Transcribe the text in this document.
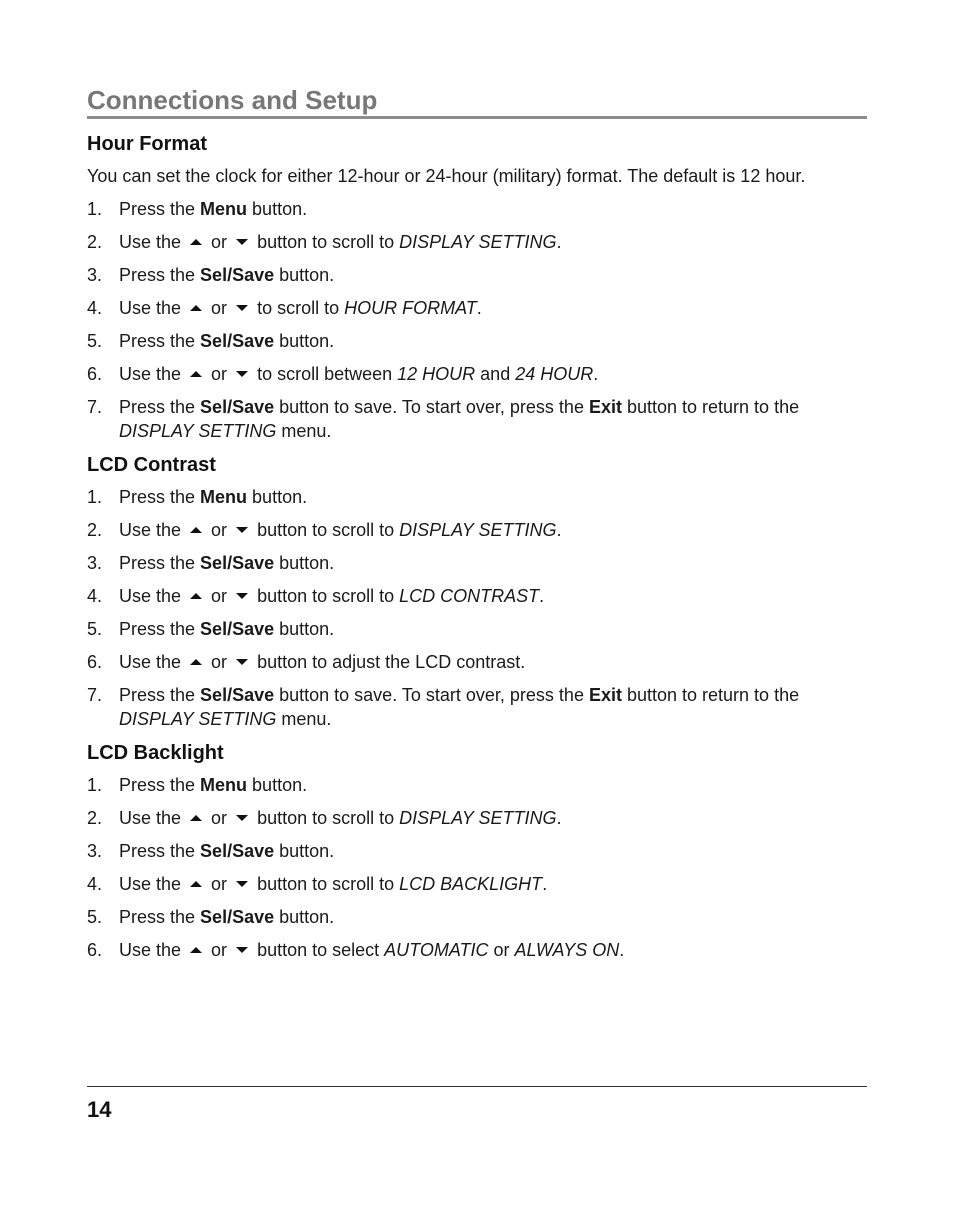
Connections and Setup
Hour Format

You can set the clock for either 12-hour or 24-hour (military) format. The default is 12 hour.

1. Press the Menu button.
2. Use the or button to scroll to DISPLAY SETTING.
3. Press the Sel/Save button.
4. Use the or to scroll to HOUR FORMAT.
5. Press the Sel/Save button.
6. Use the or to scroll between 12 HOUR and 24 HOUR.
7. Press the Sel/Save button to save. To start over, press the Exit button to return to the DISPLAY SETTING menu.
LCD Contrast
1. Press the Menu button.
2. Use the or button to scroll to DISPLAY SETTING.
3. Press the Sel/Save button.
4. Use the or button to scroll to LCD CONTRAST.
5. Press the Sel/Save button.
6. Use the or button to adjust the LCD contrast.
7. Press the Sel/Save button to save. To start over, press the Exit button to return to the DISPLAY SETTING menu.
LCD Backlight
1. Press the Menu button.
2. Use the or button to scroll to DISPLAY SETTING.
3. Press the Sel/Save button.
4. Use the or button to scroll to LCD BACKLIGHT.
5. Press the Sel/Save button.
6. Use the or button to select AUTOMATIC or ALWAYS ON.

14
